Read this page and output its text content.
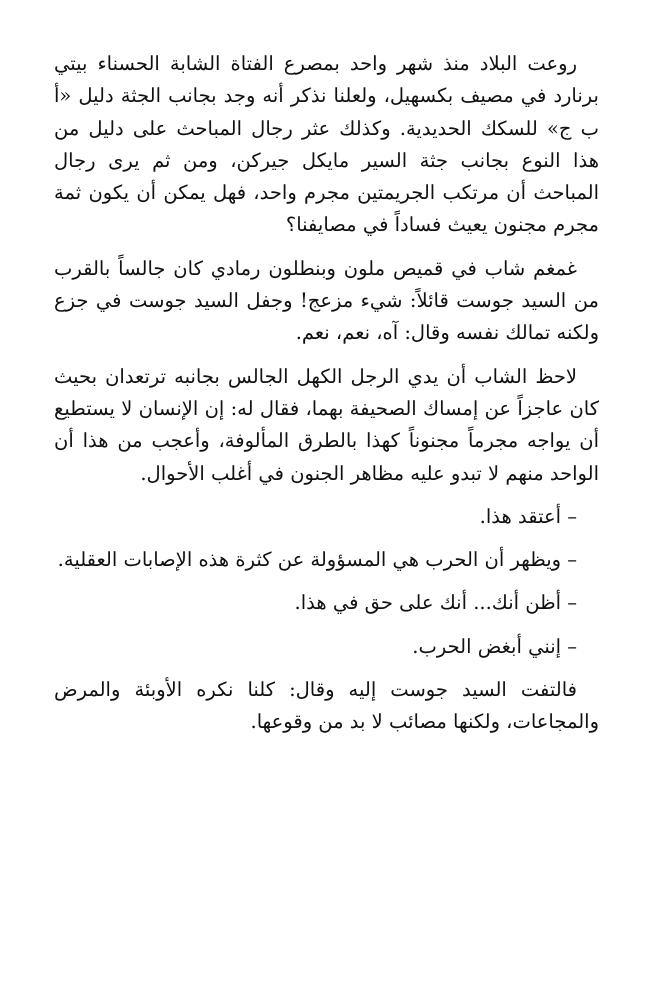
روعت البلاد منذ شهر واحد بمصرع الفتاة الشابة الحسناء بيتي برنارد في مصيف بكسهيل، ولعلنا نذكر أنه وجد بجانب الجثة دليل «أ ب ج» للسكك الحديدية. وكذلك عثر رجال المباحث على دليل من هذا النوع بجانب جثة السير مايكل جيركن، ومن ثم يرى رجال المباحث أن مرتكب الجريمتين مجرم واحد، فهل يمكن أن يكون ثمة مجرم مجنون يعيث فساداً في مصايفنا؟

غمغم شاب في قميص ملون وبنطلون رمادي كان جالساً بالقرب من السيد جوست قائلاً: شيء مزعج! وجفل السيد جوست في جزع ولكنه تمالك نفسه وقال: آه، نعم، نعم.

لاحظ الشاب أن يدي الرجل الكهل الجالس بجانبه ترتعدان بحيث كان عاجزاً عن إمساك الصحيفة بهما، فقال له: إن الإنسان لا يستطيع أن يواجه مجرماً مجنوناً كهذا بالطرق المألوفة، وأعجب من هذا أن الواحد منهم لا تبدو عليه مظاهر الجنون في أغلب الأحوال.

– أعتقد هذا.

– ويظهر أن الحرب هي المسؤولة عن كثرة هذه الإصابات العقلية.

– أظن أنك... أنك على حق في هذا.

– إنني أبغض الحرب.

فالتفت السيد جوست إليه وقال: كلنا نكره الأوبئة والمرض والمجاعات، ولكنها مصائب لا بد من وقوعها.
